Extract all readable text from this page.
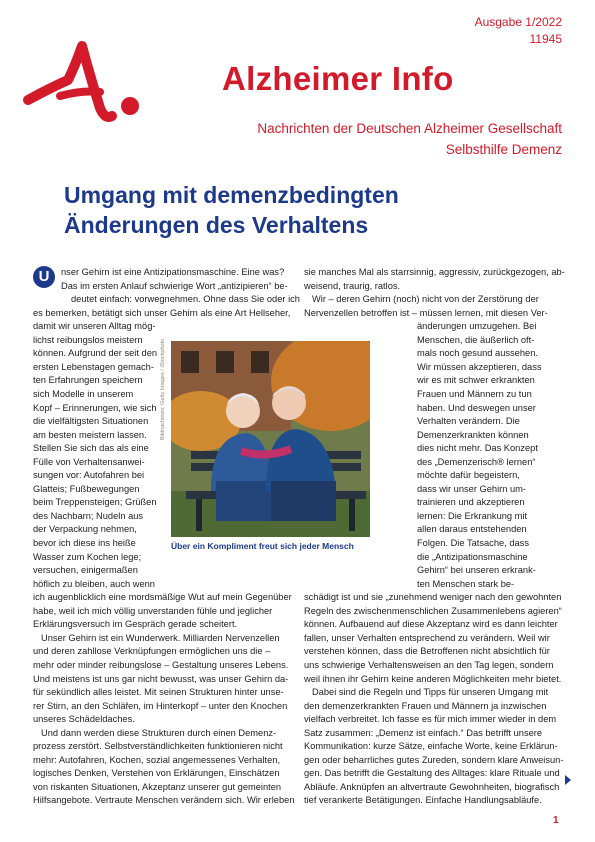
Ausgabe 1/2022
11945
Alzheimer Info
Nachrichten der Deutschen Alzheimer Gesellschaft
Selbsthilfe Demenz
Umgang mit demenzbedingten
Änderungen des Verhaltens
U	nser Gehirn ist eine Antizipationsmaschine. Eine was?
Das im ersten Anlauf schwierige Wort „antizipieren“ be-
deutet einfach: vorwegnehmen. Ohne dass Sie oder ich
es bemerken, betätigt sich unser Gehirn als eine Art Hellseher,
damit wir unseren Alltag mög-
lichst reibungslos meistern
können. Aufgrund der seit den
ersten Lebenstagen gemach-
ten Erfahrungen speichern
sich Modelle in unserem
Kopf – Erinnerungen, wie sich
die vielfältigsten Situationen
am besten meistern lassen.
Stellen Sie sich das als eine
Fülle von Verhaltensanwei-
sungen vor: Autofahren bei
Glatteis; Fußbewegungen
beim Treppensteigen; Grüßen
des Nachbarn; Nudeln aus
der Verpackung nehmen,
bevor ich diese ins heiße
Wasser zum Kochen lege;
versuchen, einigermaßen
höflich zu bleiben, auch wenn
ich augenblicklich eine mordsmäßige Wut auf mein Gegenüber
habe, weil ich mich völlig unverstanden fühle und jeglicher
Erklärungsversuch im Gespräch gerade scheitert.
Unser Gehirn ist ein Wunderwerk. Milliarden Nervenzellen
und deren zahllose Verknüpfungen ermöglichen uns die –
mehr oder minder reibungslose – Gestaltung unseres Lebens.
Und meistens ist uns gar nicht bewusst, was unser Gehirn da-
für sekündlich alles leistet. Mit seinen Strukturen hinter unse-
rer Stirn, an den Schläfen, im Hinterkopf – unter den Knochen
unseres Schädeldaches.
Und dann werden diese Strukturen durch einen Demenz-
prozess zerstört. Selbstverständlichkeiten funktionieren nicht
mehr: Autofahren, Kochen, sozial angemessenes Verhalten,
logisches Denken, Verstehen von Erklärungen, Einschätzen
von riskanten Situationen, Akzeptanz unserer gut gemeinten
Hilfsangebote. Vertraute Menschen verändern sich. Wir erleben
sie manches Mal als starrsinnig, aggressiv, zurückgezogen, ab-
weisend, traurig, ratlos.
Wir – deren Gehirn (noch) nicht von der Zerstörung der
Nervenzellen betroffen ist – müssen lernen, mit diesen Ver-
änderungen umzugehen. Bei
Menschen, die äußerlich oft-
mals noch gesund aussehen.
Wir müssen akzeptieren, dass
wir es mit schwer erkrankten
Frauen und Männern zu tun
haben. Und deswegen unser
Verhalten verändern. Die
Demenzerkrankten können
dies nicht mehr. Das Konzept
des „Demenzerisch® lernen“
möchte dafür begeistern,
dass wir unser Gehirn um-
trainieren und akzeptieren
lernen: Die Erkrankung mit
allen daraus entstehenden
Folgen. Die Tatsache, dass
die „Antizipationsmaschine
Gehirn“ bei unseren erkrank-
ten Menschen stark be-
schädigt ist und sie „zunehmend weniger nach den gewohnten
Regeln des zwischenmenschlichen Zusammenlebens agieren“
können. Aufbauend auf diese Akzeptanz wird es dann leichter
fallen, unser Verhalten entsprechend zu verändern. Weil wir
verstehen können, dass die Betroffenen nicht absichtlich für
uns schwierige Verhaltensweisen an den Tag legen, sondern
weil ihnen ihr Gehirn keine anderen Möglichkeiten mehr bietet.
Dabei sind die Regeln und Tipps für unseren Umgang mit
den demenzerkrankten Frauen und Männern ja inzwischen
vielfach verbreitet. Ich fasse es für mich immer wieder in dem
Satz zusammen: „Demenz ist einfach.“ Das betrifft unsere
Kommunikation: kurze Sätze, einfache Worte, keine Erklärun-
gen oder beharrliches gutes Zureden, sondern klare Anweisun-
gen. Das betrifft die Gestaltung des Alltages: klare Rituale und
Abläufe. Anknüpfen an altvertraute Gewohnheiten, biografisch
tief verankerte Betätigungen. Einfache Handlungsabläufe.
Bildnachweis: Getty Images / iStockphoto
Über ein Kompliment freut sich jeder Mensch
1
